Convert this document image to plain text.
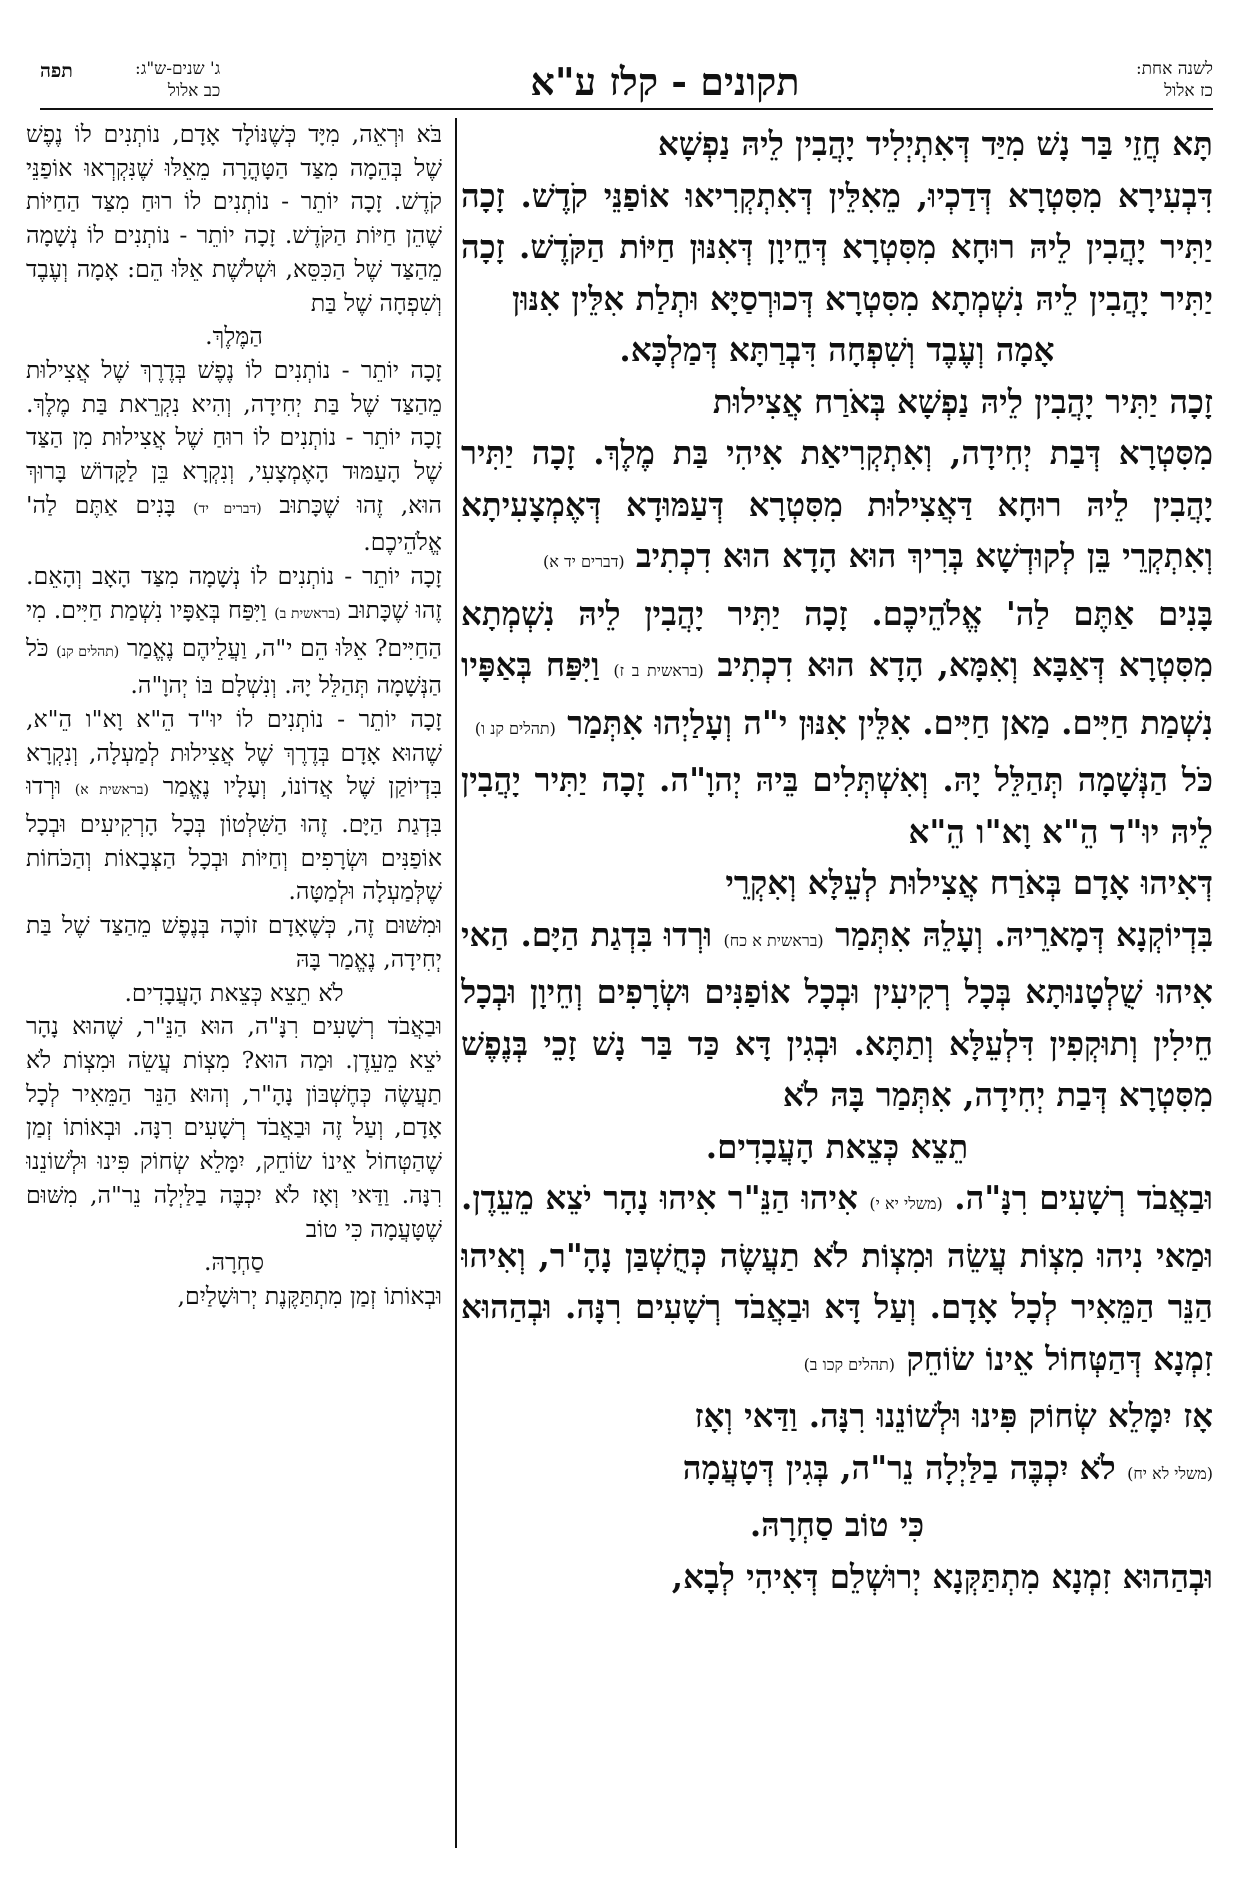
לשנה אחת:
כז אלול
תקונים - קלז ע"א
ג' שנים-ש"ג:
כב אלול
תפה

תָּא חֲזֵי בַּר נָשׁ מִיַּד דְּאִתְיְלִיד יָהֲבִין לֵיהּ נַפְשָׁא

דִּבְעִירָא מִסִּטְרָא דְּדַכְיוּ, מֵאִלֵּין דְּאִתְקְרִיאוּ אוֹפַנֵּי קֹדֶשׁ. זָכָה יַתִּיר יָהֲבִין לֵיהּ רוּחָא מִסִּטְרָא דְּחֵיוָן דְּאִנּוּן חַיּוֹת הַקֹּדֶשׁ. זָכָה יַתִּיר יָהֲבִין לֵיהּ נִשְׁמְתָא מִסִּטְרָא דְּכוּרְסַיָּא וּתְלַת אִלֵּין אִנּוּן

אָמָה וְעֶבֶד וְשִׁפְחָה דִּבְרַתָּא דְּמַלְכָּא.

זָכָה יַתִּיר יָהֲבִין לֵיהּ נַפְשָׁא בְּאֹרַח אֲצִילוּת

מִסִּטְרָא דְּבַת יְחִידָה, וְאִתְקְרִיאַת אִיהִי בַּת מֶלֶךְ. זָכָה יַתִּיר יָהֲבִין לֵיהּ רוּחָא דַּאֲצִילוּת מִסִּטְרָא דְּעַמּוּדָא דְּאֶמְצָעִיתָא וְאִתְקְרֵי בֵּן לְקוּדְשָׁא בְּרִיךְ הוּא הָדָא הוּא דִכְתִיב (דברים יד א)

בָּנִים אַתֶּם לַה' אֱלֹהֵיכֶם. זָכָה יַתִּיר יָהֲבִין לֵיהּ נִשְׁמְתָא מִסִּטְרָא דְּאַבָּא וְאִמָּא, הָדָא הוּא דִכְתִיב (בראשית ב ז) וַיִּפַּח בְּאַפָּיו נִשְׁמַת חַיִּים. מַאן חַיִּים. אִלֵּין אִנּוּן י"ה וְעָלַיְהוּ אִתְּמַר (תהלים קנ ו)

כֹּל הַנְּשָׁמָה תְּהַלֵּל יָהּ. וְאִשְׁתְּלִים בֵּיהּ יְהוָ"ה. זָכָה יַתִּיר יָהֲבִין לֵיהּ יוּ"ד הֵ"א וָא"ו הֵ"א

דְּאִיהוּ אָדָם בְּאֹרַח אֲצִילוּת לְעֵלָּא וְאִקְרֵי

בִּדְיוֹקְנָא דְּמָארֵיהּ. וְעָלֵהּ אִתְּמַר (בראשית א כח) וּרְדוּ בִּדְגַת הַיָּם. הַאי אִיהוּ שֻׁלְטָנוּתָא בְּכָל רְקִיעִין וּבְכָל אוֹפַנִּים וּשְׂרָפִים וְחֵיוָן וּבְכָל חֵילִין וְתוּקְפִין דִּלְעֵלָּא וְתַתָּא. וּבְגִין דָּא כַּד בַּר נָשׁ זָכֵי בְּנֶפֶשׁ מִסִּטְרָא דְּבַת יְחִידָה, אִתְּמַר בָּהּ לֹא

תֵצֵא כְּצֵאת הָעֲבָדִים.

וּבַאֲבֹד רְשָׁעִים רִנָּ"ה. (משלי יא י) אִיהוּ הַנֵּ"ר אִיהוּ נָהָר יֹצֵא מֵעֵדֶן. וּמַאי נִיהוּ מִצְוֹת עֲשֵׂה וּמִצְוֹת לֹא תַעֲשֶׂה כְּחֻשְׁבַּן נָהָ"ר, וְאִיהוּ הַנֵּר הַמֵּאִיר לְכָל אָדָם. וְעַל דָּא וּבַאֲבֹד רְשָׁעִים רִנָּה. וּבְהַהוּא זִמְנָא דְּהַטְּחוֹל אֵינוֹ שׂוֹחֵק (תהלים קכו ב)

אָז יִמָּלֵא שְׂחוֹק פִּינוּ וּלְשׁוֹנֵנוּ רִנָּה. וַדַּאי וְאָז

(משלי לא יח) לֹא יִכְבֶּה בַלַּיְלָה נֵר"ה, בְּגִין דְּטָעֲמָה

כִּי טוֹב סַחְרָהּ.

וּבְהַהוּא זִמְנָא מִתְתַּקְּנָא יְרוּשְׁלֵם דְּאִיהִי לְבָא,

בֹּא וּרְאֵה, מִיָּד כְּשֶׁנּוֹלָד אָדָם, נוֹתְנִים לוֹ נֶפֶשׁ שֶׁל בְּהֵמָה מִצַּד הַטָּהֳרָה מֵאֵלּוּ שֶׁנִּקְרְאוּ אוֹפַנֵּי קֹדֶשׁ. זָכָה יוֹתֵר - נוֹתְנִים לוֹ רוּחַ מִצַּד הַחַיּוֹת שֶׁהֵן חַיּוֹת הַקֹּדֶשׁ. זָכָה יוֹתֵר - נוֹתְנִים לוֹ נְשָׁמָה מֵהַצַּד שֶׁל הַכִּסֵּא, וּשְׁלֹשֶׁת אֵלּוּ הֵם: אָמָה וְעֶבֶד וְשִׁפְחָה שֶׁל בַּת

הַמֶּלֶךְ.

זָכָה יוֹתֵר - נוֹתְנִים לוֹ נֶפֶשׁ בְּדֶרֶךְ שֶׁל אֲצִילוּת מֵהַצַּד שֶׁל בַּת יְחִידָה, וְהִיא נִקְרֵאת בַּת מֶלֶךְ. זָכָה יוֹתֵר - נוֹתְנִים לוֹ רוּחַ שֶׁל אֲצִילוּת מִן הַצַּד שֶׁל הָעַמּוּד הָאֶמְצָעִי, וְנִקְרָא בֵּן לַקָּדוֹשׁ בָּרוּךְ הוּא, זֶהוּ שֶׁכָּתוּב (דברים יד) בָּנִים אַתֶּם לַה' אֱלֹהֵיכֶם.

זָכָה יוֹתֵר - נוֹתְנִים לוֹ נְשָׁמָה מִצַּד הָאָב וְהָאֵם. זֶהוּ שֶׁכָּתוּב (בראשית ב) וַיִּפַּח בְּאַפָּיו נִשְׁמַת חַיִּים. מִי הַחַיִּים? אֵלּוּ הֵם י"ה, וַעֲלֵיהֶם נֶאֱמַר (תהלים קנ) כֹּל הַנְּשָׁמָה תְּהַלֵּל יָהּ. וְנִשְׁלָם בּוֹ יְהוָ"ה.

זָכָה יוֹתֵר - נוֹתְנִים לוֹ יוּ"ד הֵ"א וָא"ו הֵ"א, שֶׁהוּא אָדָם בְּדֶרֶךְ שֶׁל אֲצִילוּת לְמַעְלָה, וְנִקְרָא בִּדְיוֹקַן שֶׁל אֲדוֹנוֹ, וְעָלָיו נֶאֱמַר (בראשית א) וּרְדוּ בִּדְגַת הַיָּם. זֶהוּ הַשִּׁלְטוֹן בְּכָל הָרְקִיעִים וּבְכָל אוֹפַנִּים וּשְׂרָפִים וְחַיּוֹת וּבְכָל הַצְּבָאוֹת וְהַכֹּחוֹת שֶׁלְּמַעְלָה וּלְמַטָּה.

וּמִשּׁוּם זֶה, כְּשֶׁאָדָם זוֹכֶה בְּנֶפֶשׁ מֵהַצַּד שֶׁל בַּת יְחִידָה, נֶאֱמַר בָּהּ

לֹא תֵצֵא כְּצֵאת הָעֲבָדִים.

וּבַאֲבֹד רְשָׁעִים רִנָּ"ה, הוּא הַנֵּ"ר, שֶׁהוּא נָהָר יֹצֵא מֵעֵדֶן. וּמַה הוּא? מִצְוֹת עֲשֵׂה וּמִצְוֹת לֹא תַעֲשֶׂה כְּחֶשְׁבּוֹן נָהָ"ר, וְהוּא הַנֵּר הַמֵּאִיר לְכָל אָדָם, וְעַל זֶה וּבַאֲבֹד רְשָׁעִים רִנָּה. וּבְאוֹתוֹ זְמַן שֶׁהַטְּחוֹל אֵינוֹ שׂוֹחֵק, יִמָּלֵא שְׂחוֹק פִּינוּ וּלְשׁוֹנֵנוּ רִנָּה. וַדַּאי וְאָז לֹא יִכְבֶּה בַלַּיְלָה נֵר"ה, מִשּׁוּם שֶׁטָּעֲמָה כִּי טוֹב

סַחְרָהּ.

וּבְאוֹתוֹ זְמַן מִתְתַּקֶּנֶת יְרוּשָׁלַיִם,
